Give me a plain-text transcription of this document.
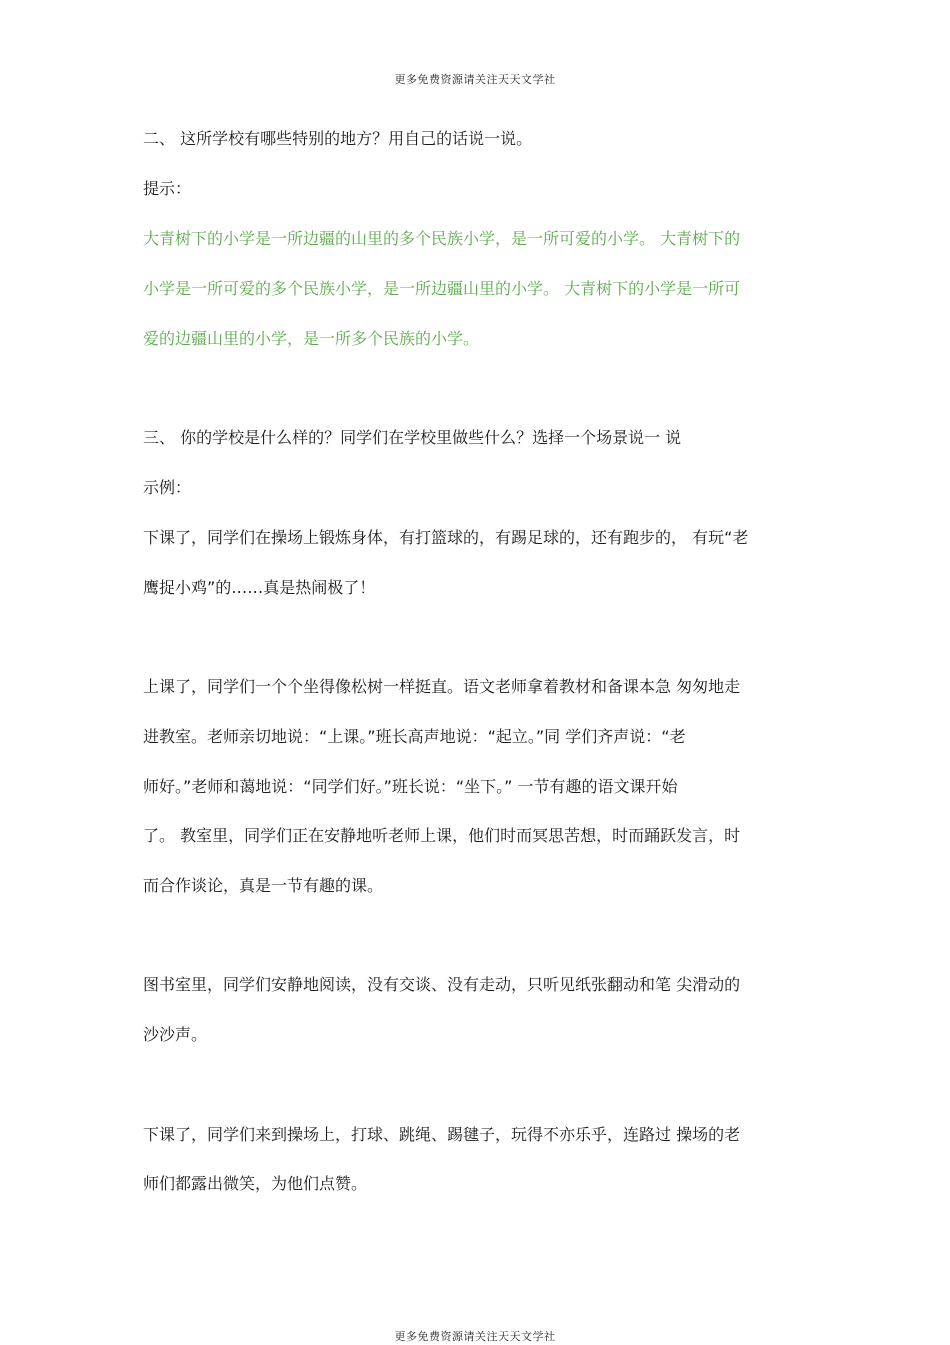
更多免费资源请关注天天文学社
二、 这所学校有哪些特别的地方？用自己的话说一说。
提示：
大青树下的小学是一所边疆的山里的多个民族小学，是一所可爱的小学。 大青树下的
小学是一所可爱的多个民族小学，是一所边疆山里的小学。 大青树下的小学是一所可
爱的边疆山里的小学，是一所多个民族的小学。
三、 你的学校是什么样的？同学们在学校里做些什么？选择一个场景说一 说
示例：
下课了，同学们在操场上锻炼身体，有打篮球的，有踢足球的，还有跑步的， 有玩“老
鹰捉小鸡”的……真是热闹极了！
上课了，同学们一个个坐得像松树一样挺直。语文老师拿着教材和备课本急 匆匆地走
进教室。老师亲切地说：“上课。”班长高声地说：“起立。”同 学们齐声说：“老
师好。”老师和蔼地说：“同学们好。”班长说：“坐下。” 一节有趣的语文课幵始
了。 教室里，同学们正在安静地听老师上课，他们时而冥思苦想，时而踊跃发言，时
而合作谈论，真是一节有趣的课。
图书室里，同学们安静地阅读，没有交谈、没有走动，只听见纸张翻动和笔 尖滑动的
沙沙声。
下课了，同学们来到操场上，打球、跳绳、踢毽子，玩得不亦乐乎，连路过 操场的老
师们都露出微笑，为他们点赞。
更多免费资源请关注天天文学社
